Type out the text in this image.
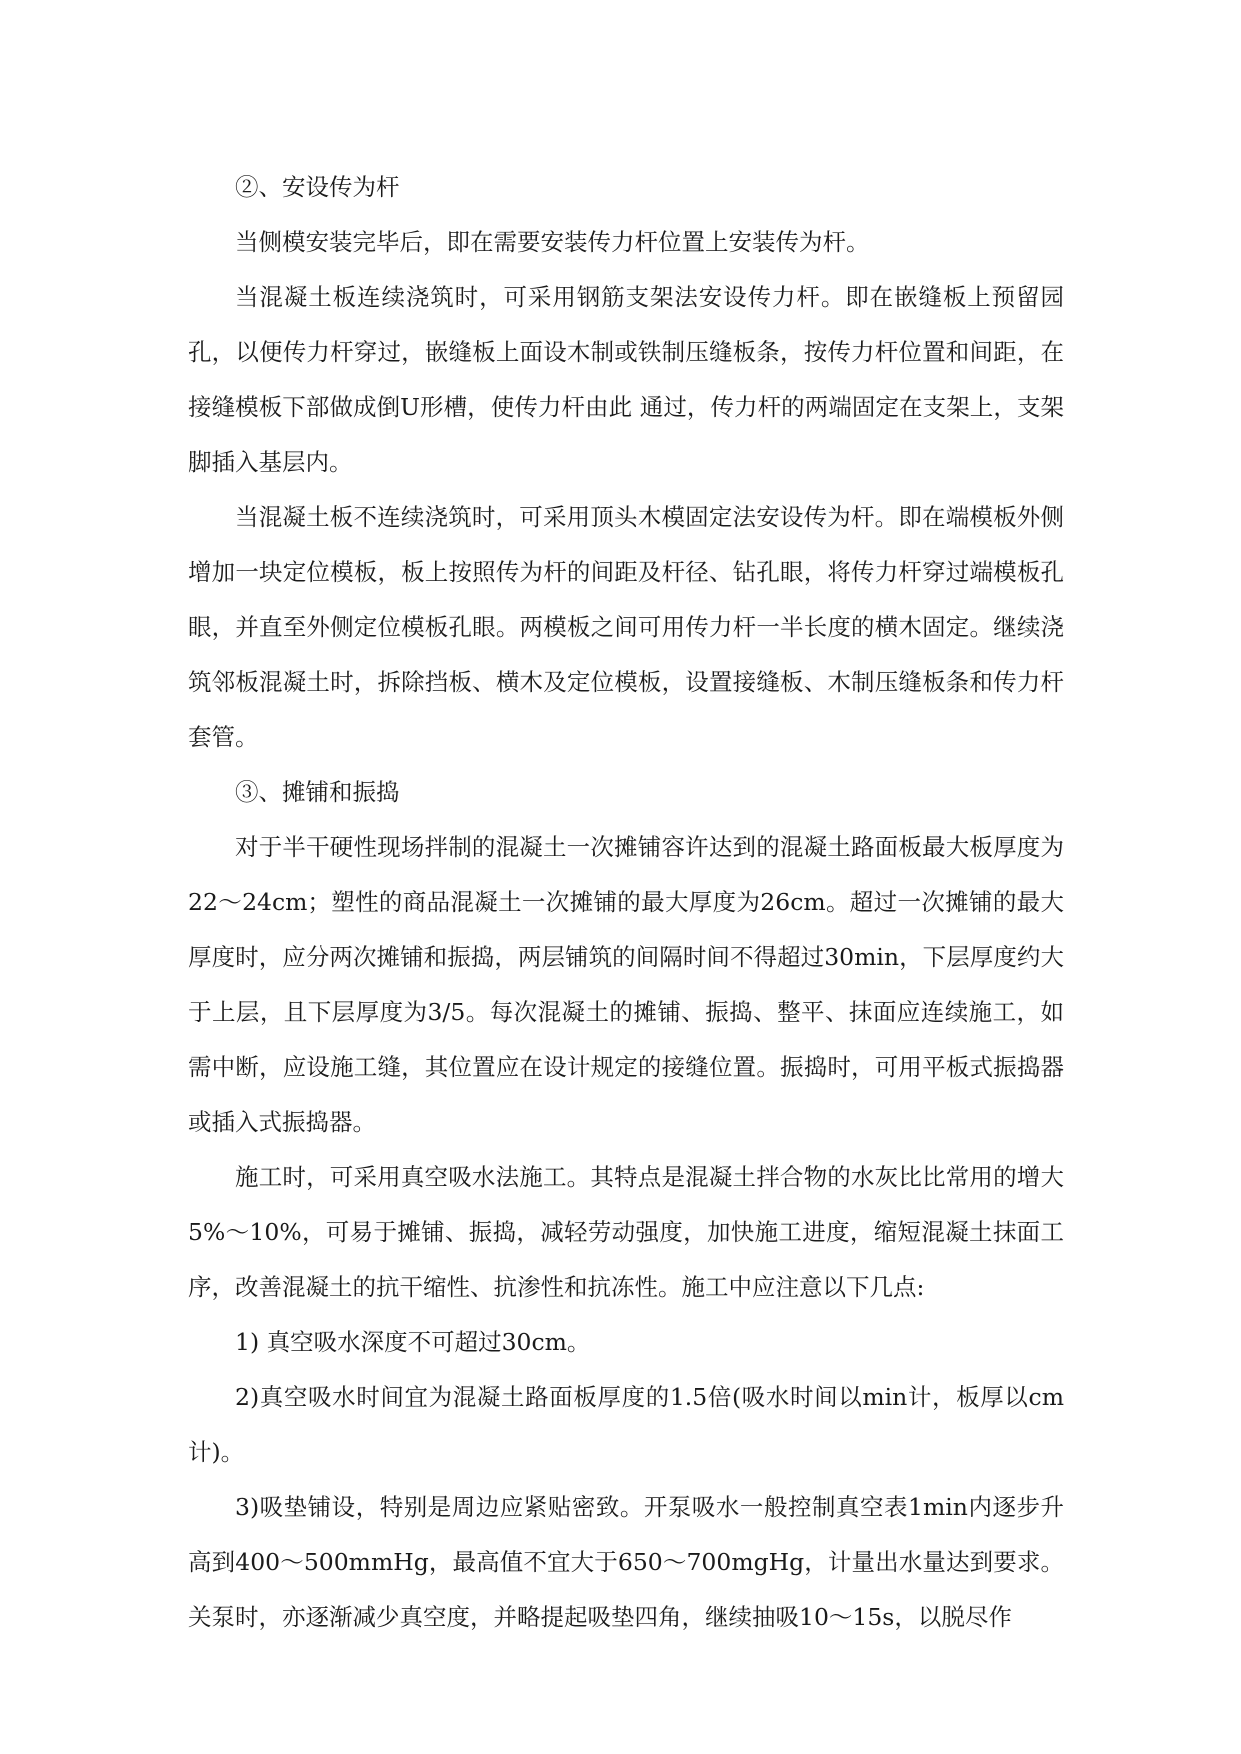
②、安设传为杆

当侧模安装完毕后，即在需要安装传力杆位置上安装传为杆。

当混凝土板连续浇筑时，可采用钢筋支架法安设传力杆。即在嵌缝板上预留园孔，以便传力杆穿过，嵌缝板上面设木制或铁制压缝板条，按传力杆位置和间距，在接缝模板下部做成倒U形槽，使传力杆由此 通过，传力杆的两端固定在支架上，支架脚插入基层内。

当混凝土板不连续浇筑时，可采用顶头木模固定法安设传为杆。即在端模板外侧增加一块定位模板，板上按照传为杆的间距及杆径、钻孔眼，将传力杆穿过端模板孔眼，并直至外侧定位模板孔眼。两模板之间可用传力杆一半长度的横木固定。继续浇筑邻板混凝土时，拆除挡板、横木及定位模板，设置接缝板、木制压缝板条和传力杆套管。

③、摊铺和振捣

对于半干硬性现场拌制的混凝土一次摊铺容许达到的混凝土路面板最大板厚度为22～24cm；塑性的商品混凝土一次摊铺的最大厚度为26cm。超过一次摊铺的最大厚度时，应分两次摊铺和振捣，两层铺筑的间隔时间不得超过30min，下层厚度约大于上层，且下层厚度为3/5。每次混凝土的摊铺、振捣、整平、抹面应连续施工，如需中断，应设施工缝，其位置应在设计规定的接缝位置。振捣时，可用平板式振捣器或插入式振捣器。

施工时，可采用真空吸水法施工。其特点是混凝土拌合物的水灰比比常用的增大5%～10%，可易于摊铺、振捣，减轻劳动强度，加快施工进度，缩短混凝土抹面工序，改善混凝土的抗干缩性、抗渗性和抗冻性。施工中应注意以下几点:

1) 真空吸水深度不可超过30cm。

2)真空吸水时间宜为混凝土路面板厚度的1.5倍(吸水时间以min计，板厚以cm计)。

3)吸垫铺设，特别是周边应紧贴密致。开泵吸水一般控制真空表1min内逐步升高到400～500mmHg，最高值不宜大于650～700mgHg，计量出水量达到要求。关泵时，亦逐渐减少真空度，并略提起吸垫四角，继续抽吸10～15s，以脱尽作
